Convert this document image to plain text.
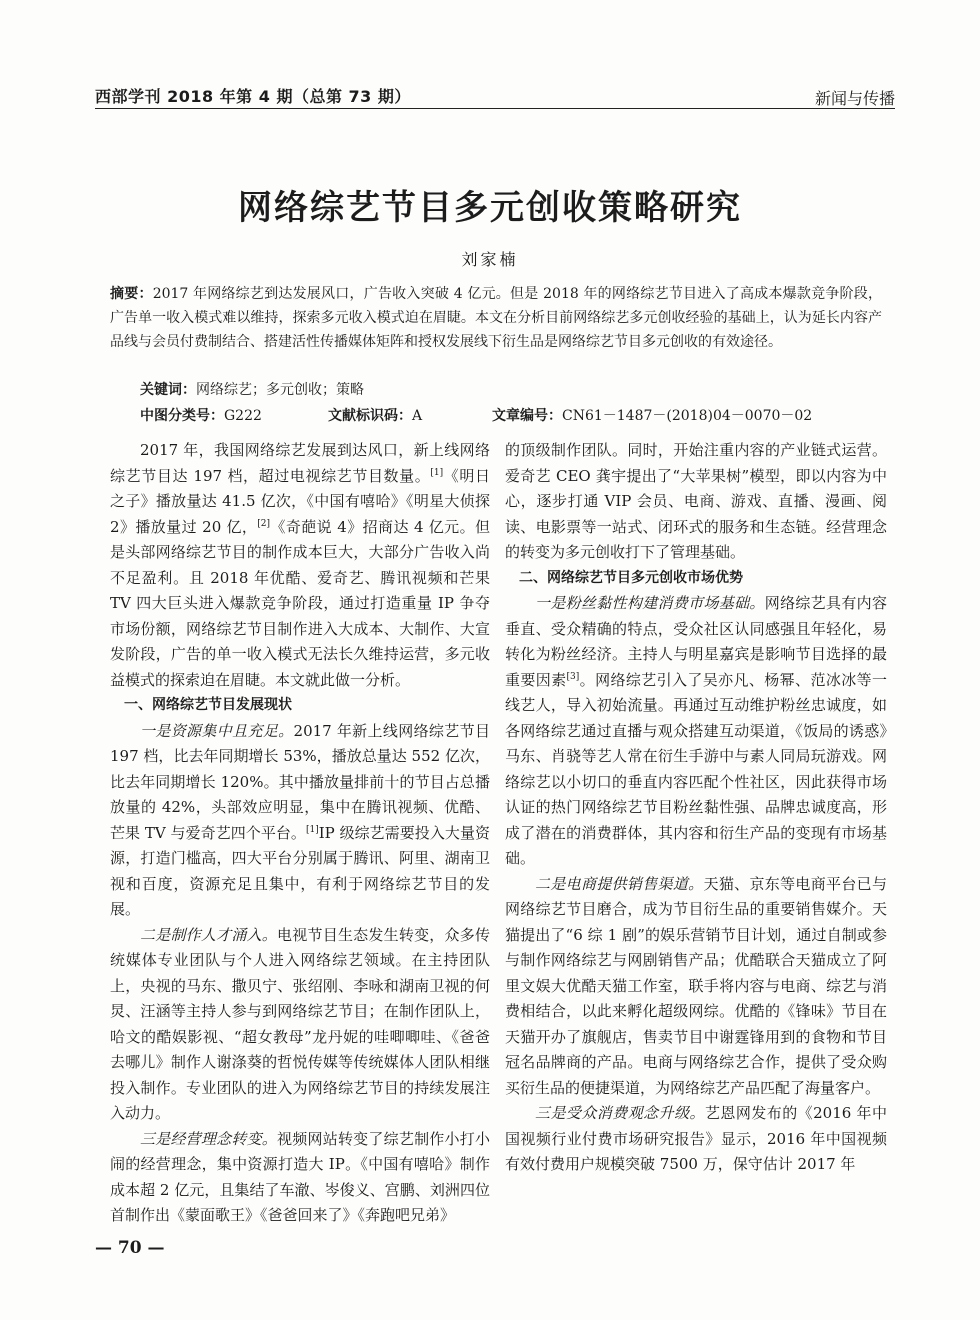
西部学刊 2018 年第 4 期（总第 73 期）	新闻与传播
网络综艺节目多元创收策略研究
刘家楠
摘要：2017 年网络综艺到达发展风口，广告收入突破 4 亿元。但是 2018 年的网络综艺节目进入了高成本爆款竞争阶段，广告单一收入模式难以维持，探索多元收入模式迫在眉睫。本文在分析目前网络综艺多元创收经验的基础上，认为延长内容产品线与会员付费制结合、搭建活性传播媒体矩阵和授权发展线下衍生品是网络综艺节目多元创收的有效途径。
关键词：网络综艺；多元创收；策略
中图分类号：G222	文献标识码：A	文章编号：CN61－1487－(2018)04－0070－02

2017 年，我国网络综艺发展到达风口，新上线网络综艺节目达 197 档，超过电视综艺节目数量。[1]《明日之子》播放量达 41.5 亿次，《中国有嘻哈》《明星大侦探 2》播放量过 20 亿，[2]《奇葩说 4》招商达 4 亿元。但是头部网络综艺节目的制作成本巨大，大部分广告收入尚不足盈利。且 2018 年优酷、爱奇艺、腾讯视频和芒果 TV 四大巨头进入爆款竞争阶段，通过打造重量 IP 争夺市场份额，网络综艺节目制作进入大成本、大制作、大宣发阶段，广告的单一收入模式无法长久维持运营，多元收益模式的探索迫在眉睫。本文就此做一分析。

一、网络综艺节目发展现状

一是资源集中且充足。2017 年新上线网络综艺节目 197 档，比去年同期增长 53%，播放总量达 552 亿次，比去年同期增长 120%。其中播放量排前十的节目占总播放量的 42%，头部效应明显，集中在腾讯视频、优酷、芒果 TV 与爱奇艺四个平台。[1]IP 级综艺需要投入大量资源，打造门槛高，四大平台分别属于腾讯、阿里、湖南卫视和百度，资源充足且集中，有利于网络综艺节目的发展。

二是制作人才涌入。电视节目生态发生转变，众多传统媒体专业团队与个人进入网络综艺领域。在主持团队上，央视的马东、撒贝宁、张绍刚、李咏和湖南卫视的何炅、汪涵等主持人参与到网络综艺节目；在制作团队上，哈文的酷娱影视、“超女教母”龙丹妮的哇唧唧哇、《爸爸去哪儿》制作人谢涤葵的哲悦传媒等传统媒体人团队相继投入制作。专业团队的进入为网络综艺节目的持续发展注入动力。

三是经营理念转变。视频网站转变了综艺制作小打小闹的经营理念，集中资源打造大 IP。《中国有嘻哈》制作成本超 2 亿元，且集结了车澈、岑俊义、宫鹏、刘洲四位首制作出《蒙面歌王》《爸爸回来了》《奔跑吧兄弟》

的顶级制作团队。同时，开始注重内容的产业链式运营。爱奇艺 CEO 龚宇提出了“大苹果树”模型，即以内容为中心，逐步打通 VIP 会员、电商、游戏、直播、漫画、阅读、电影票等一站式、闭环式的服务和生态链。经营理念的转变为多元创收打下了管理基础。

二、网络综艺节目多元创收市场优势

一是粉丝黏性构建消费市场基础。网络综艺具有内容垂直、受众精确的特点，受众社区认同感强且年轻化，易转化为粉丝经济。主持人与明星嘉宾是影响节目选择的最重要因素[3]。网络综艺引入了吴亦凡、杨幂、范冰冰等一线艺人，导入初始流量。再通过互动维护粉丝忠诚度，如各网络综艺通过直播与观众搭建互动渠道，《饭局的诱惑》马东、肖骁等艺人常在衍生手游中与素人同局玩游戏。网络综艺以小切口的垂直内容匹配个性社区，因此获得市场认证的热门网络综艺节目粉丝黏性强、品牌忠诚度高，形成了潜在的消费群体，其内容和衍生产品的变现有市场基础。

二是电商提供销售渠道。天猫、京东等电商平台已与网络综艺节目磨合，成为节目衍生品的重要销售媒介。天猫提出了“6 综 1 剧”的娱乐营销节目计划，通过自制或参与制作网络综艺与网剧销售产品；优酷联合天猫成立了阿里文娱大优酷天猫工作室，联手将内容与电商、综艺与消费相结合，以此来孵化超级网综。优酷的《锋味》节目在天猫开办了旗舰店，售卖节目中谢霆锋用到的食物和节目冠名品牌商的产品。电商与网络综艺合作，提供了受众购买衍生品的便捷渠道，为网络综艺产品匹配了海量客户。

三是受众消费观念升级。艺恩网发布的《2016 年中国视频行业付费市场研究报告》显示，2016 年中国视频有效付费用户规模突破 7500 万，保守估计 2017 年

— 70 —
